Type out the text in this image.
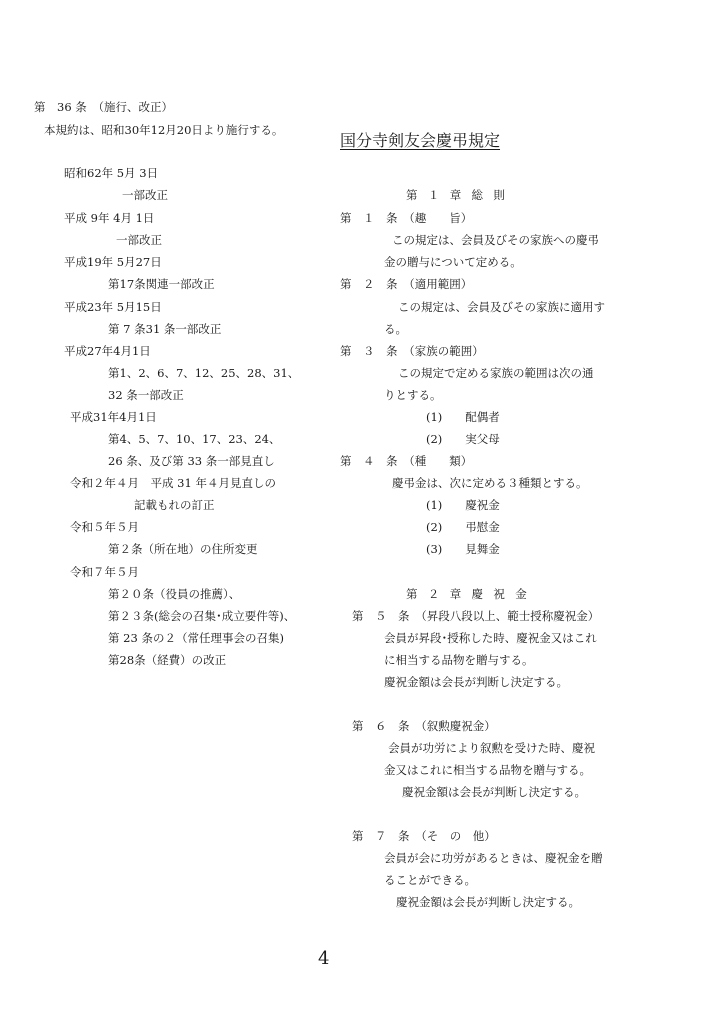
第　36 条　（施行、改正）
本規約は、昭和30年12月20日より施行する。
昭和62年 5月 3日
一部改正
平成 9年 4月 1日
一部改正
平成19年 5月27日
第17条関連一部改正
平成23年 5月15日
第 7 条31 条一部改正
平成27年4月1日
第1、2、6、7、12、25、28、31、
32 条一部改正
平成31年4月1日
第4、5、7、10、17、23、24、
26 条、及び第 33 条一部見直し
令和２年４月　平成 31 年４月見直しの
記載もれの訂正
令和５年５月
第２条（所在地）の住所変更
令和７年５月
第２０条（役員の推薦）、
第２３条(総会の召集･成立要件等)、
第 23 条の２（常任理事会の召集)
第28条（経費）の改正
国分寺剣友会慶弔規定
第１章総則
第　１　条　（趣　　旨）
この規定は、会員及びその家族への慶弔
金の贈与について定める。
第　２　条　（適用範囲）
この規定は、会員及びその家族に適用す
る。
第　３　条　（家族の範囲）
この規定で定める家族の範囲は次の通
りとする。
(1)　　配偶者
(2)　　実父母
第　４　条　（種　　類）
慶弔金は、次に定める３種類とする。
(1)　　慶祝金
(2)　　弔慰金
(3)　　見舞金
第２章慶祝金
第　５　条　（昇段八段以上、範士授称慶祝金）
会員が昇段･授称した時、慶祝金又はこれ
に相当する品物を贈与する。
慶祝金額は会長が判断し決定する。
第　６　条　（叙勲慶祝金）
会員が功労により叙勲を受けた時、慶祝
金又はこれに相当する品物を贈与する。
慶祝金額は会長が判断し決定する。
第　７　条　（そ　の　他）
会員が会に功労があるときは、慶祝金を贈
ることができる。
慶祝金額は会長が判断し決定する。
4
